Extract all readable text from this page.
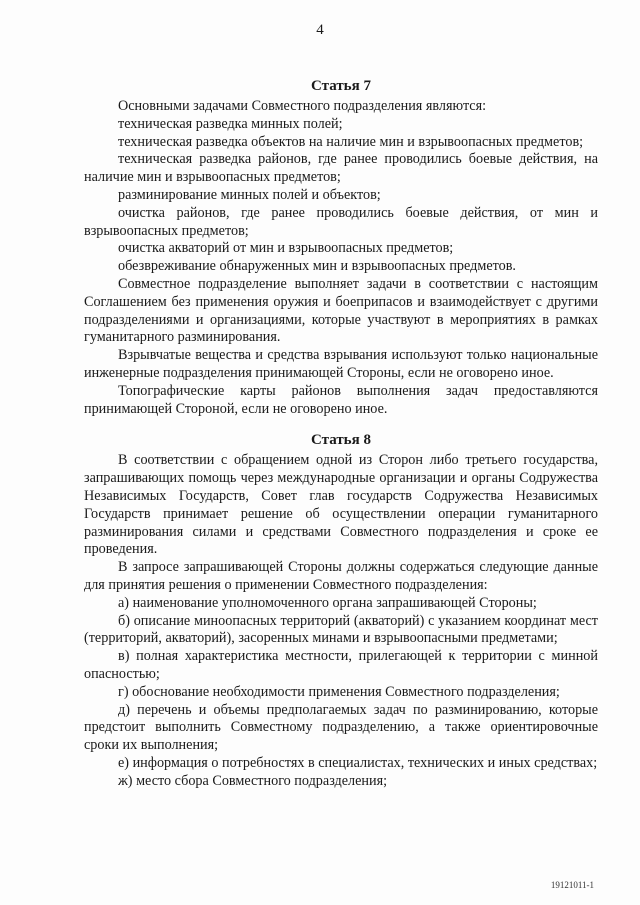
4
Статья 7

Основными задачами Совместного подразделения являются:

техническая разведка минных полей;

техническая разведка объектов на наличие мин и взрывоопасных предметов;

техническая разведка районов, где ранее проводились боевые действия, на наличие мин и взрывоопасных предметов;

разминирование минных полей и объектов;

очистка районов, где ранее проводились боевые действия, от мин и взрывоопасных предметов;

очистка акваторий от мин и взрывоопасных предметов;

обезвреживание обнаруженных мин и взрывоопасных предметов.

Совместное подразделение выполняет задачи в соответствии с настоящим Соглашением без применения оружия и боеприпасов и взаимодействует с другими подразделениями и организациями, которые участвуют в мероприятиях в рамках гуманитарного разминирования.

Взрывчатые вещества и средства взрывания используют только национальные инженерные подразделения принимающей Стороны, если не оговорено иное.

Топографические карты районов выполнения задач предоставляются принимающей Стороной, если не оговорено иное.

Статья 8

В соответствии с обращением одной из Сторон либо третьего государства, запрашивающих помощь через международные организации и органы Содружества Независимых Государств, Совет глав государств Содружества Независимых Государств принимает решение об осуществлении операции гуманитарного разминирования силами и средствами Совместного подразделения и сроке ее проведения.

В запросе запрашивающей Стороны должны содержаться следующие данные для принятия решения о применении Совместного подразделения:

а) наименование уполномоченного органа запрашивающей Стороны;

б) описание миноопасных территорий (акваторий) с указанием координат мест (территорий, акваторий), засоренных минами и взрывоопасными предметами;

в) полная характеристика местности, прилегающей к территории с минной опасностью;

г) обоснование необходимости применения Совместного подразделения;

д) перечень и объемы предполагаемых задач по разминированию, которые предстоит выполнить Совместному подразделению, а также ориентировочные сроки их выполнения;

е) информация о потребностях в специалистах, технических и иных средствах;

ж) место сбора Совместного подразделения;

19121011-1
